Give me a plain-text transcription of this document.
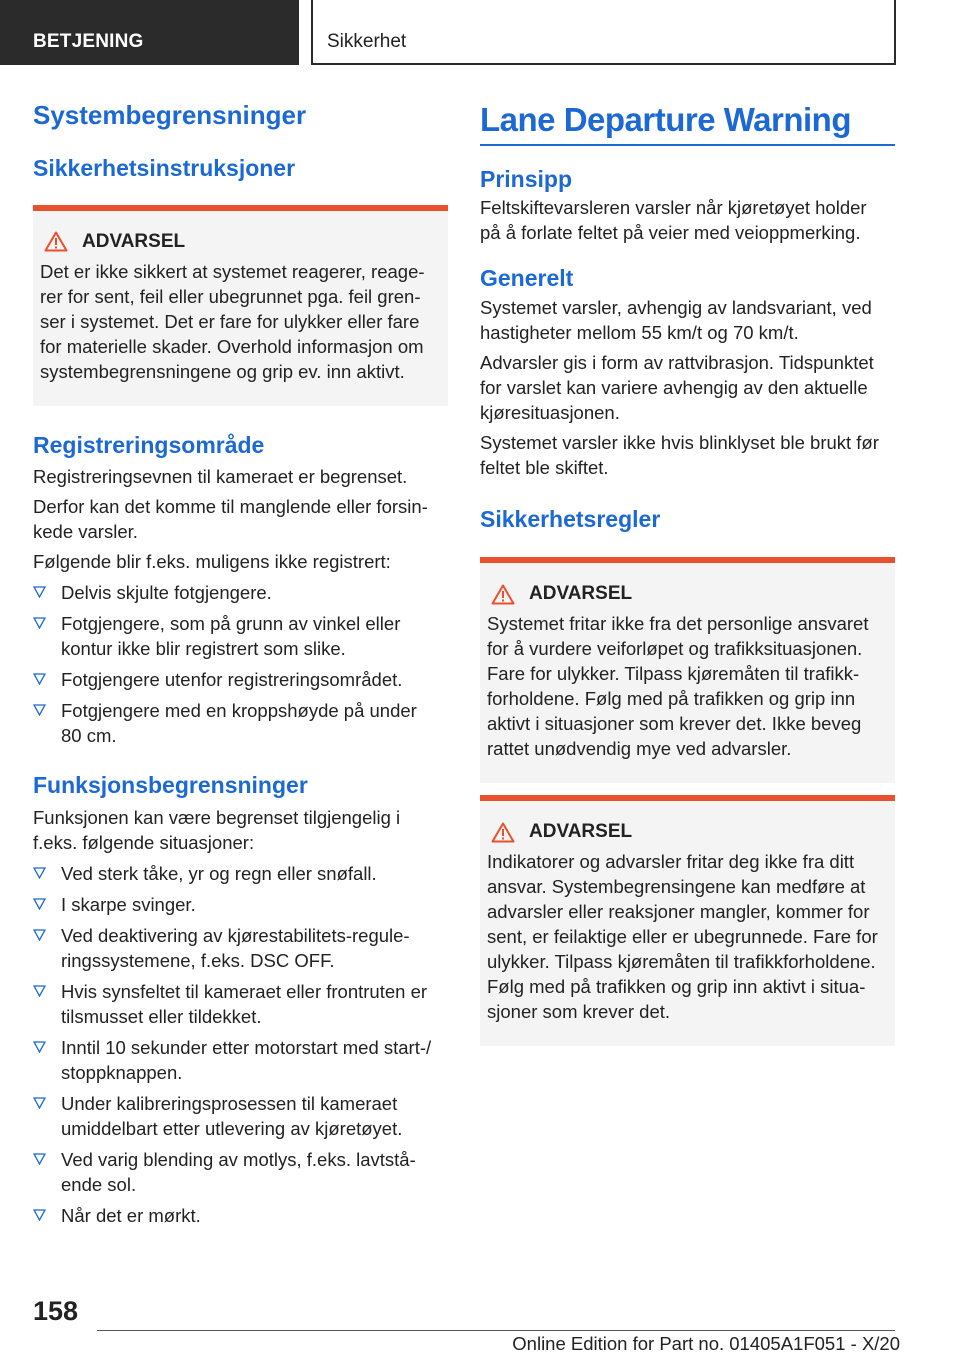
BETJENING	Sikkerhet
Systembegrensninger
Sikkerhetsinstruksjoner
ADVARSEL
Det er ikke sikkert at systemet reagerer, reage-
rer for sent, feil eller ubegrunnet pga. feil gren-
ser i systemet. Det er fare for ulykker eller fare
for materielle skader. Overhold informasjon om
systembegrensningene og grip ev. inn aktivt.
Registreringsområde

Registreringsevnen til kameraet er begrenset.

Derfor kan det komme til manglende eller forsin-
kede varsler.

Følgende blir f.eks. muligens ikke registrert:

Delvis skjulte fotgjengere.
Fotgjengere, som på grunn av vinkel eller
kontur ikke blir registrert som slike.
Fotgjengere utenfor registreringsområdet.
Fotgjengere med en kroppshøyde på under
80 cm.
Funksjonsbegrensninger

Funksjonen kan være begrenset tilgjengelig i
f.eks. følgende situasjoner:

Ved sterk tåke, yr og regn eller snøfall.
I skarpe svinger.
Ved deaktivering av kjørestabilitets-regule-
ringssystemene, f.eks. DSC OFF.
Hvis synsfeltet til kameraet eller frontruten er
tilsmusset eller tildekket.
Inntil 10 sekunder etter motorstart med start-/
stoppknappen.
Under kalibreringsprosessen til kameraet
umiddelbart etter utlevering av kjøretøyet.
Ved varig blending av motlys, f.eks. lavtstå-
ende sol.
Når det er mørkt.
Lane Departure Warning
Prinsipp

Feltskiftevarsleren varsler når kjøretøyet holder
på å forlate feltet på veier med veioppmerking.

Generelt

Systemet varsler, avhengig av landsvariant, ved
hastigheter mellom 55 km/t og 70 km/t.

Advarsler gis i form av rattvibrasjon. Tidspunktet
for varslet kan variere avhengig av den aktuelle
kjøresituasjonen.

Systemet varsler ikke hvis blinklyset ble brukt før
feltet ble skiftet.

Sikkerhetsregler
ADVARSEL
Systemet fritar ikke fra det personlige ansvaret
for å vurdere veiforløpet og trafikksituasjonen.
Fare for ulykker. Tilpass kjøremåten til trafikk-
forholdene. Følg med på trafikken og grip inn
aktivt i situasjoner som krever det. Ikke beveg
rattet unødvendig mye ved advarsler.
ADVARSEL
Indikatorer og advarsler fritar deg ikke fra ditt
ansvar. Systembegrensingene kan medføre at
advarsler eller reaksjoner mangler, kommer for
sent, er feilaktige eller er ubegrunnede. Fare for
ulykker. Tilpass kjøremåten til trafikkforholdene.
Følg med på trafikken og grip inn aktivt i situa-
sjoner som krever det.
158
Online Edition for Part no. 01405A1F051 - X/20
